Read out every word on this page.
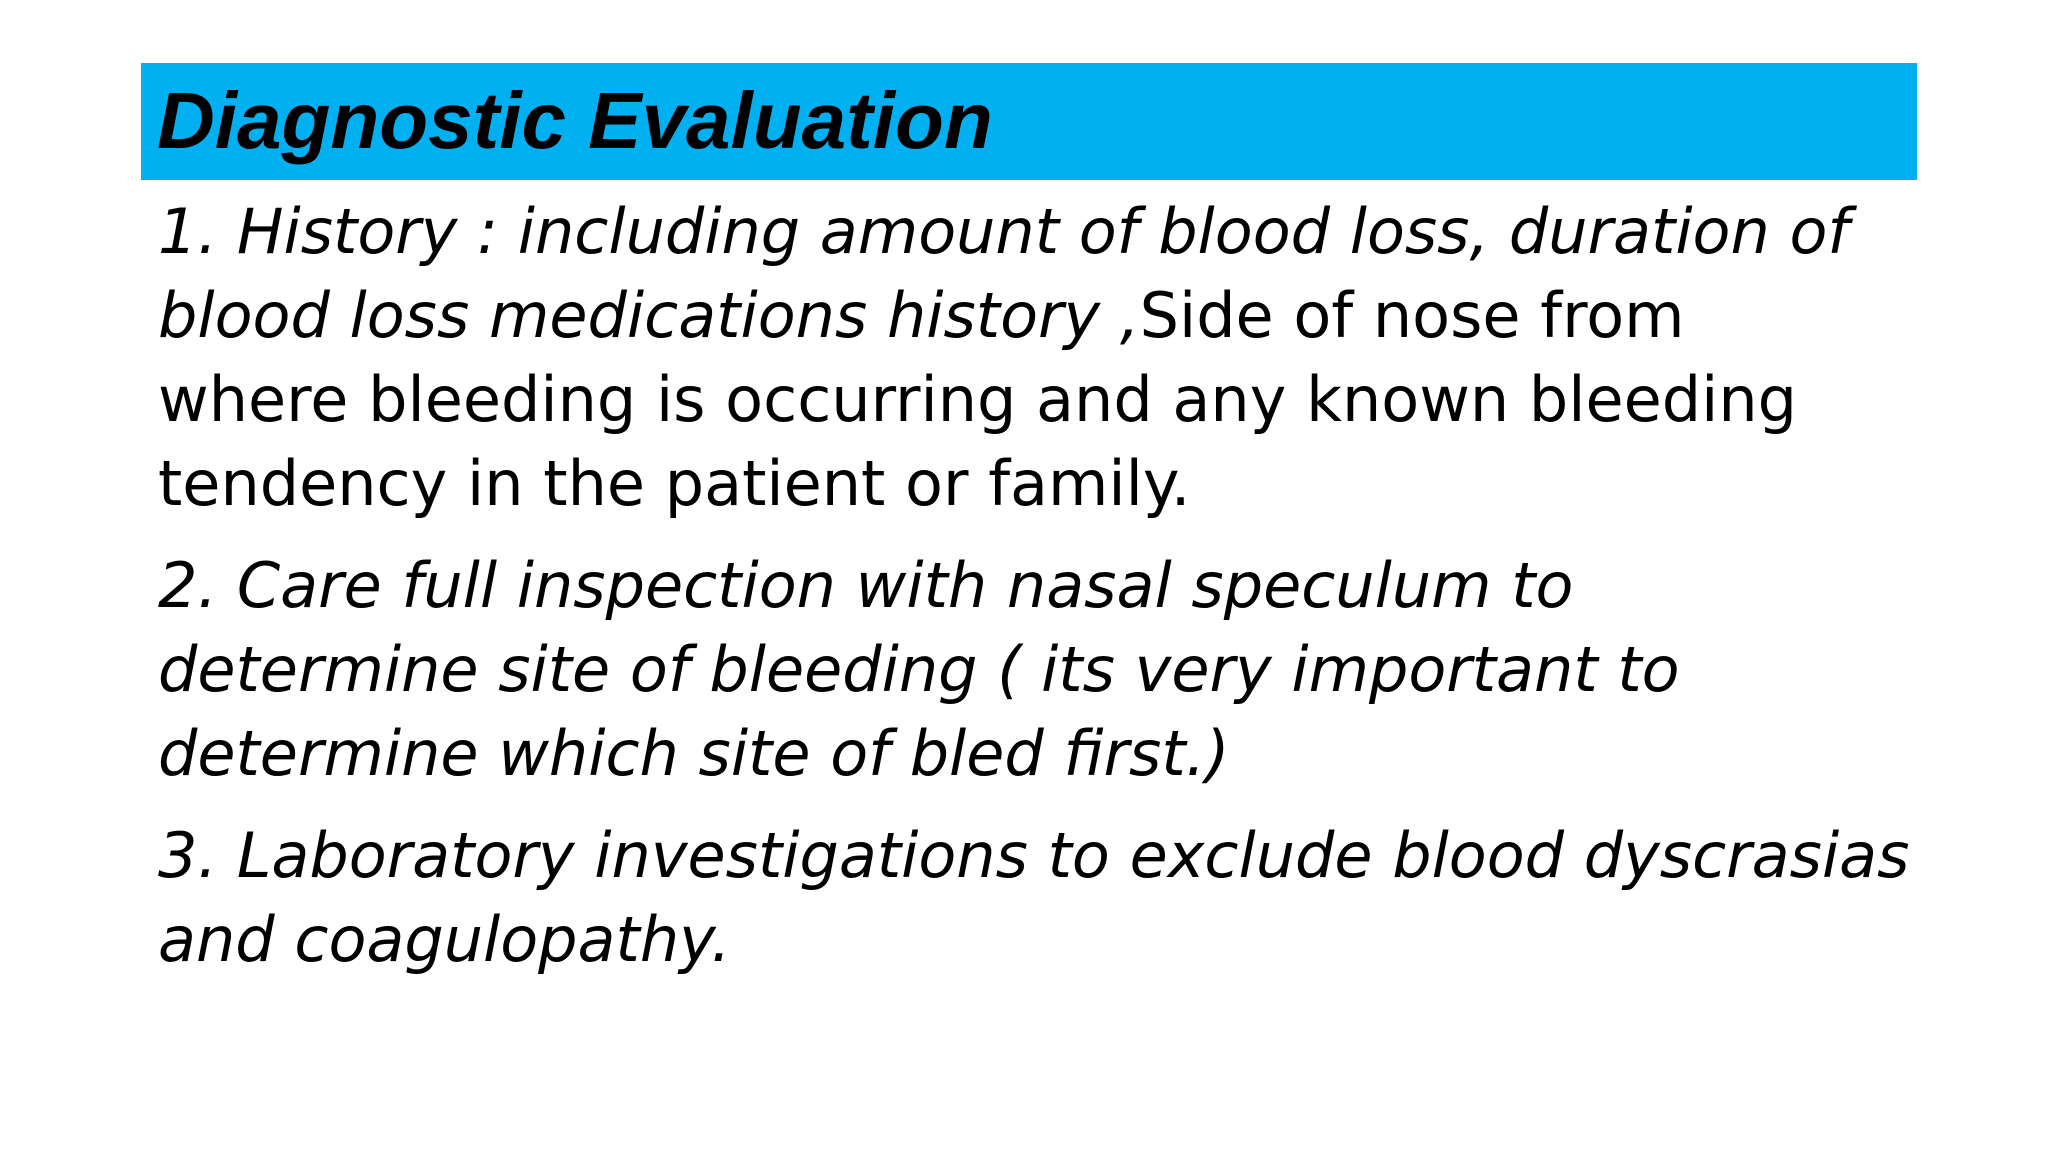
Diagnostic Evaluation

1. History : including amount of blood loss, duration of
blood loss medications history ,Side of nose from
where bleeding is occurring and any known bleeding
tendency in the patient or family.

2. Care full inspection with nasal speculum to
determine site of bleeding ( its very important to
determine which site of bled first.)

3. Laboratory investigations to exclude blood dyscrasias
and coagulopathy.
